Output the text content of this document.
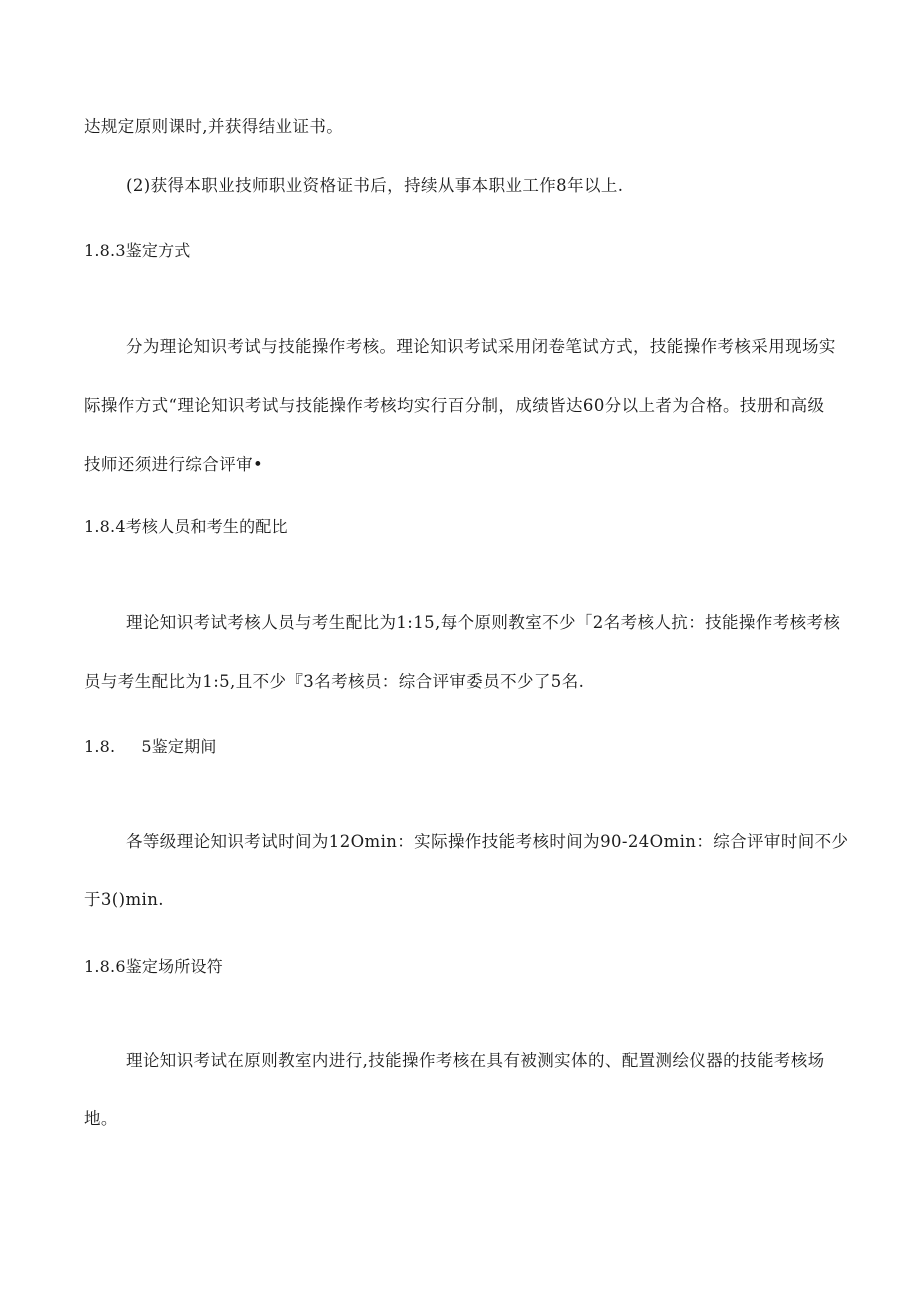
达规定原则课时,并获得结业证书。
(2)获得本职业技师职业资格证书后，持续从事本职业工作8年以上.
1.8.3鉴定方式
分为理论知识考试与技能操作考核。理论知识考试采用闭卷笔试方式，技能操作考核采用现场实
际操作方式“理论知识考试与技能操作考核均实行百分制，成绩皆达60分以上者为合格。技册和高级
技师还须进行综合评审•
1.8.4考核人员和考生的配比
理论知识考试考核人员与考生配比为1:15,每个原则教室不少「2名考核人抗：技能操作考核考核
员与考生配比为1:5,且不少『3名考核员：综合评审委员不少了5名.
1.8. 5鉴定期间
各等级理论知识考试时间为12Omin：实际操作技能考核时间为90-24Omin：综合评审时间不少
于3()min.
1.8.6鉴定场所设符
理论知识考试在原则教室内进行,技能操作考核在具有被测实体的、配置测绘仪器的技能考核场
地。
